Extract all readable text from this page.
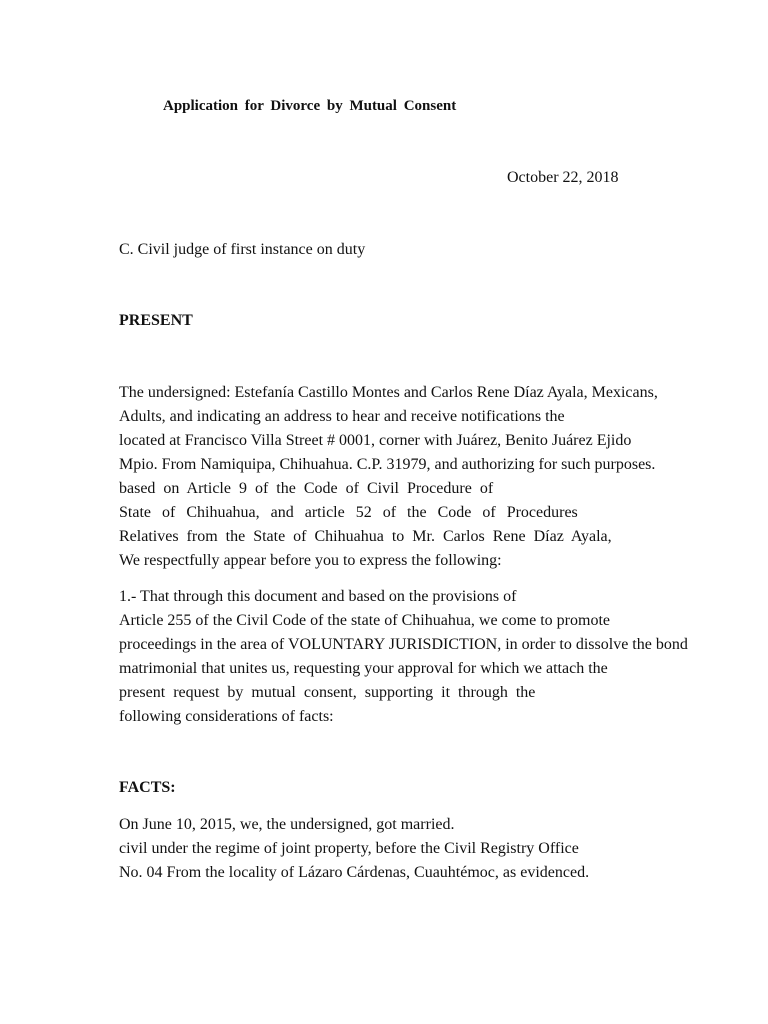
Application for Divorce by Mutual Consent
October 22, 2018
C. Civil judge of first instance on duty
PRESENT
The undersigned: Estefanía Castillo Montes and Carlos Rene Díaz Ayala, Mexicans,
Adults, and indicating an address to hear and receive notifications the
located at Francisco Villa Street # 0001, corner with Juárez, Benito Juárez Ejido
Mpio. From Namiquipa, Chihuahua. C.P. 31979, and authorizing for such purposes.
based on Article 9 of the Code of Civil Procedure of
State of Chihuahua, and article 52 of the Code of Procedures
Relatives from the State of Chihuahua to Mr. Carlos Rene Díaz Ayala,
We respectfully appear before you to express the following:
1.- That through this document and based on the provisions of
Article 255 of the Civil Code of the state of Chihuahua, we come to promote
proceedings in the area of VOLUNTARY JURISDICTION, in order to dissolve the bond
matrimonial that unites us, requesting your approval for which we attach the
present request by mutual consent, supporting it through the
following considerations of facts:
FACTS:
On June 10, 2015, we, the undersigned, got married.
civil under the regime of joint property, before the Civil Registry Office
No. 04 From the locality of Lázaro Cárdenas, Cuauhtémoc, as evidenced.
